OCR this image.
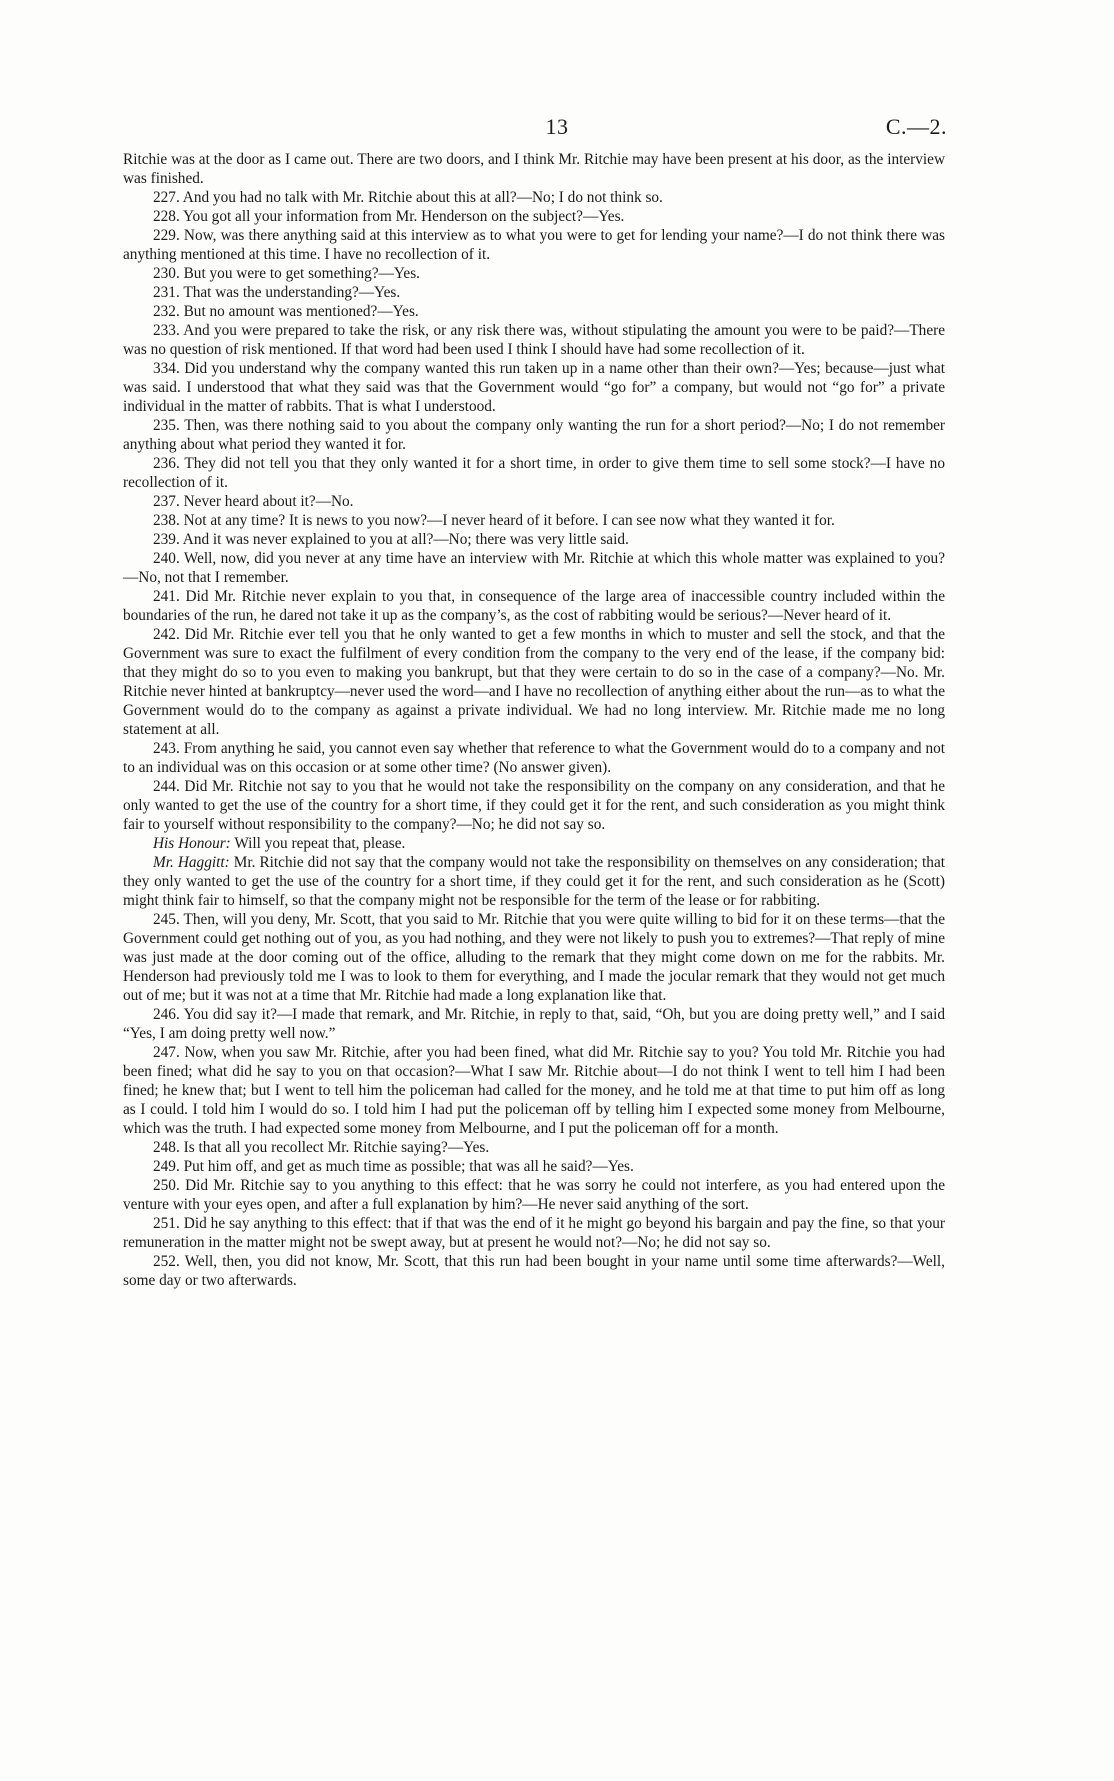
13	C.—2.

Ritchie was at the door as I came out. There are two doors, and I think Mr. Ritchie may have been present at his door, as the interview was finished.

227. And you had no talk with Mr. Ritchie about this at all?—No; I do not think so.

228. You got all your information from Mr. Henderson on the subject?—Yes.

229. Now, was there anything said at this interview as to what you were to get for lending your name?—I do not think there was anything mentioned at this time. I have no recollection of it.

230. But you were to get something?—Yes.

231. That was the understanding?—Yes.

232. But no amount was mentioned?—Yes.

233. And you were prepared to take the risk, or any risk there was, without stipulating the amount you were to be paid?—There was no question of risk mentioned. If that word had been used I think I should have had some recollection of it.

334. Did you understand why the company wanted this run taken up in a name other than their own?—Yes; because—just what was said. I understood that what they said was that the Government would “go for” a company, but would not “go for” a private individual in the matter of rabbits. That is what I understood.

235. Then, was there nothing said to you about the company only wanting the run for a short period?—No; I do not remember anything about what period they wanted it for.

236. They did not tell you that they only wanted it for a short time, in order to give them time to sell some stock?—I have no recollection of it.

237. Never heard about it?—No.

238. Not at any time? It is news to you now?—I never heard of it before. I can see now what they wanted it for.

239. And it was never explained to you at all?—No; there was very little said.

240. Well, now, did you never at any time have an interview with Mr. Ritchie at which this whole matter was explained to you?—No, not that I remember.

241. Did Mr. Ritchie never explain to you that, in consequence of the large area of inaccessible country included within the boundaries of the run, he dared not take it up as the company’s, as the cost of rabbiting would be serious?—Never heard of it.

242. Did Mr. Ritchie ever tell you that he only wanted to get a few months in which to muster and sell the stock, and that the Government was sure to exact the fulfilment of every condition from the company to the very end of the lease, if the company bid: that they might do so to you even to making you bankrupt, but that they were certain to do so in the case of a company?—No. Mr. Ritchie never hinted at bankruptcy—never used the word—and I have no recollection of anything either about the run—as to what the Government would do to the company as against a private individual. We had no long interview. Mr. Ritchie made me no long statement at all.

243. From anything he said, you cannot even say whether that reference to what the Government would do to a company and not to an individual was on this occasion or at some other time? (No answer given).

244. Did Mr. Ritchie not say to you that he would not take the responsibility on the company on any consideration, and that he only wanted to get the use of the country for a short time, if they could get it for the rent, and such consideration as you might think fair to yourself without responsibility to the company?—No; he did not say so.

His Honour: Will you repeat that, please.

Mr. Haggitt: Mr. Ritchie did not say that the company would not take the responsibility on themselves on any consideration; that they only wanted to get the use of the country for a short time, if they could get it for the rent, and such consideration as he (Scott) might think fair to himself, so that the company might not be responsible for the term of the lease or for rabbiting.

245. Then, will you deny, Mr. Scott, that you said to Mr. Ritchie that you were quite willing to bid for it on these terms—that the Government could get nothing out of you, as you had nothing, and they were not likely to push you to extremes?—That reply of mine was just made at the door coming out of the office, alluding to the remark that they might come down on me for the rabbits. Mr. Henderson had previously told me I was to look to them for everything, and I made the jocular remark that they would not get much out of me; but it was not at a time that Mr. Ritchie had made a long explanation like that.

246. You did say it?—I made that remark, and Mr. Ritchie, in reply to that, said, “Oh, but you are doing pretty well,” and I said “Yes, I am doing pretty well now.”

247. Now, when you saw Mr. Ritchie, after you had been fined, what did Mr. Ritchie say to you? You told Mr. Ritchie you had been fined; what did he say to you on that occasion?—What I saw Mr. Ritchie about—I do not think I went to tell him I had been fined; he knew that; but I went to tell him the policeman had called for the money, and he told me at that time to put him off as long as I could. I told him I would do so. I told him I had put the policeman off by telling him I expected some money from Melbourne, which was the truth. I had expected some money from Melbourne, and I put the policeman off for a month.

248. Is that all you recollect Mr. Ritchie saying?—Yes.

249. Put him off, and get as much time as possible; that was all he said?—Yes.

250. Did Mr. Ritchie say to you anything to this effect: that he was sorry he could not interfere, as you had entered upon the venture with your eyes open, and after a full explanation by him?—He never said anything of the sort.

251. Did he say anything to this effect: that if that was the end of it he might go beyond his bargain and pay the fine, so that your remuneration in the matter might not be swept away, but at present he would not?—No; he did not say so.

252. Well, then, you did not know, Mr. Scott, that this run had been bought in your name until some time afterwards?—Well, some day or two afterwards.
